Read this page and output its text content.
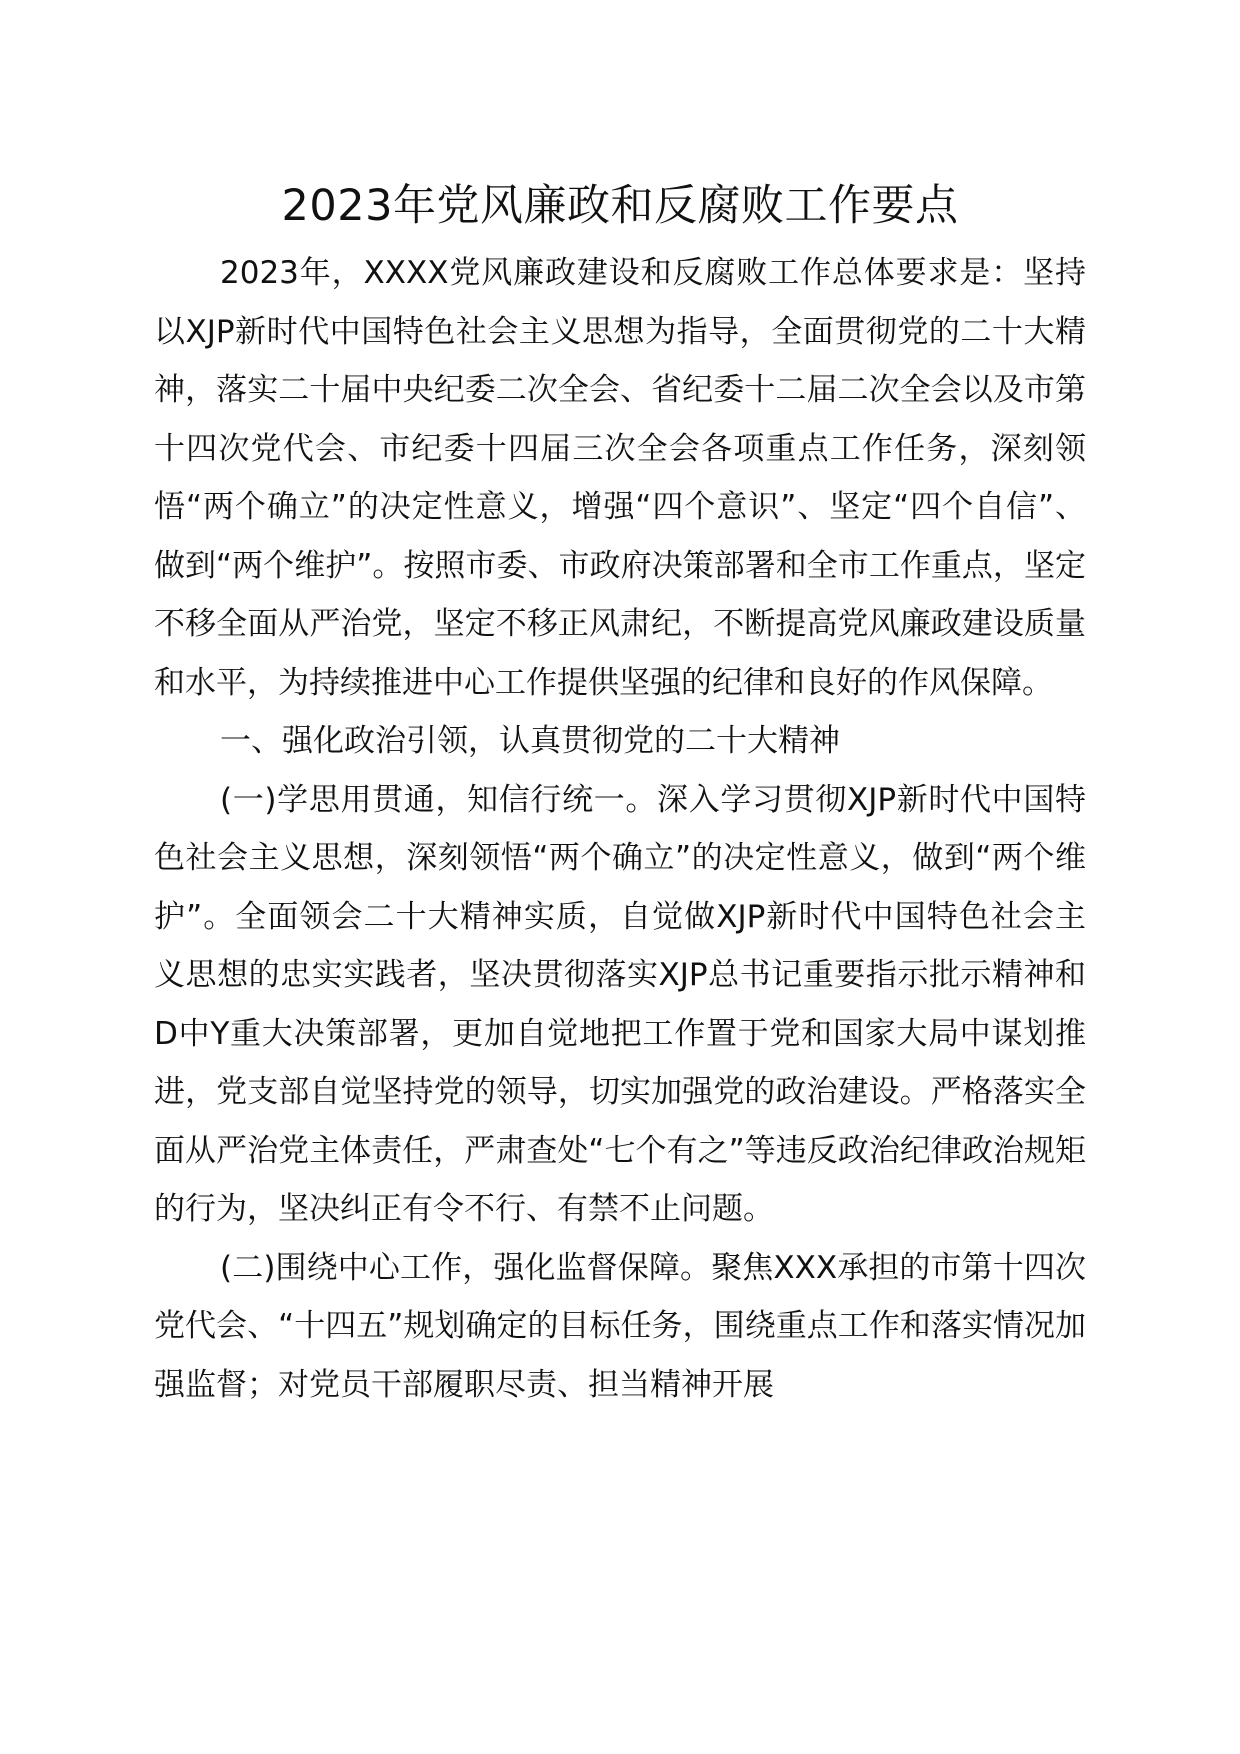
2023年党风廉政和反腐败工作要点

2023年，XXXX党风廉政建设和反腐败工作总体要求是：坚持以XJP新时代中国特色社会主义思想为指导，全面贯彻党的二十大精神，落实二十届中央纪委二次全会、省纪委十二届二次全会以及市第十四次党代会、市纪委十四届三次全会各项重点工作任务，深刻领悟“两个确立”的决定性意义，增强“四个意识”、坚定“四个自信”、做到“两个维护”。按照市委、市政府决策部署和全市工作重点，坚定不移全面从严治党，坚定不移正风肃纪，不断提高党风廉政建设质量和水平，为持续推进中心工作提供坚强的纪律和良好的作风保障。

一、强化政治引领，认真贯彻党的二十大精神

(一)学思用贯通，知信行统一。深入学习贯彻XJP新时代中国特色社会主义思想，深刻领悟“两个确立”的决定性意义，做到“两个维护”。全面领会二十大精神实质，自觉做XJP新时代中国特色社会主义思想的忠实实践者，坚决贯彻落实XJP总书记重要指示批示精神和D中Y重大决策部署，更加自觉地把工作置于党和国家大局中谋划推进，党支部自觉坚持党的领导，切实加强党的政治建设。严格落实全面从严治党主体责任，严肃查处“七个有之”等违反政治纪律政治规矩的行为，坚决纠正有令不行、有禁不止问题。

(二)围绕中心工作，强化监督保障。聚焦XXX承担的市第十四次党代会、“十四五”规划确定的目标任务，围绕重点工作和落实情况加强监督；对党员干部履职尽责、担当精神开展
